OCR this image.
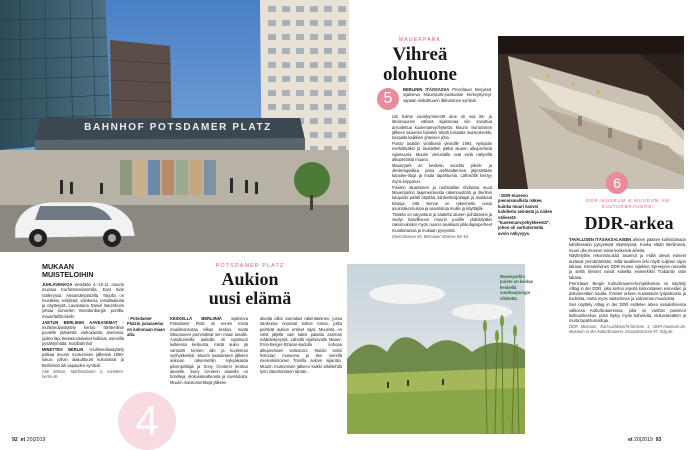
BAHNHOF POTSDAMER PLATZ
MAUERPARK
Vihreä
olohuone
5

BERLININ ITÄOSASSA Prenzlauer Bergissä sijaitseva Mauerpark-puistoalue kerkeyttyneyt vapaan elokulttuurin liikkuminen symboli.

Liki kolme vuosikymmentä alue oli osa itä- ja länsimuurien välissä sijaitsevaa niin sanottua ansoitettua kuolemanvyöhykettä. Muurin murtumisen jälkeen alueesta haluttiin tehdä toisaalta muistomerkki, toisaalta kaikkien yhteinen piha.

Puisto avattiin virallisesti yleisölle 1994. Nykyään merkitäväksi ja tiivistettiin pätkä alueen alkuperäistä rajamuuria. Muurin vierustalla ovat vielä näkyvillä alkuperäistä muuria.

Mauerpark on kesäisin suosittu piknik- ja oleskelupaikka, jossa amfiteatterissa järjestetään karaoke-iltoja ja muita tapahtumia. Lähistöllä kiertyy myös kirpputori.

Puiston aluamisten ja ruuhkatilan ehdoissa muut Mauerparkin laajenemisesta rakennustöitä ja Berlinin kaupunki päätti näyttää, kiinteistösijoittajat ja asukkaat kiistoja, että sinnne on rakennettu uusia asuinrakennuksia ja asuintaloja muille ja käyttäjille.

Tänään on varjostaus ja saatettu alueen puhdaseksi ja viedyt kasvillisuus muurin juurille yhdistäväksi rakennuksiksi myös nuoret asukkaat pikkulapsiperheet muuttamassa ja mukaan pysyvästi.

Gleimstrasse 55, Bernauer Strasse 63–64

6
↑ DDR-museon pienoismallista näkee, kuinka muuri kasvoi kahdesta seinästä ja niiden välisestä "kuolemanvyöhykkeestä", johon oli vartiotorneita avoin näkyvyys.
DDR-MUSEUM & MUSEUM AM KULTURBRAUEREI
DDR-arkea

TAVALLISEN ITÄSAKSALAISEN arkeen pääsee kurkistamaan kahdessakin pysyvässä näyttelyssä. Koska elään Berliinissä, muuri olla museon toisia keskeisiä aiheita.

Näyttelyttiin rekonstruoidut asunnot ja esillä olevat esineet auttavat ymmärtämään, miltä tavallinen arki näytti suljetun rajan takana. Interaktiivinen DDR-museo sijaitsee Spreejoen rannalla ja siellä ihmiset voivat kokeilla esimerkiksi Trabantin ratin takana.

Prenzlauer Bergin Kulturbrauerei-kompleksissa on näyttely Alltag in der DDR, joka kertoo arjesta kiinnostavien esineiden ja dokumenttien kautta. Ihmiset arkeen kuvastavat työpaikoista ja kodeista, mutta myös vastarinnan ja valvonnan muodoista.

Sen näyttely Alltag in der DDR esittelee arkea sosialistisessa valtiossa Kulturbrauereissa, joka on vanhan panimon kulttuurikeskus, josta löytyy myös kahviloita, elokuvateatteri ja muita tapahtumatiloja.

DDR Museum, Karl-Liebknecht-Strasse 1, DDR-museum.de, Museum in der Kulturbrauerei, Knaackstrasse 97, hdg.de

MUKAAN
MUISTELOIHIN

JUHLAVIIKKOA vietetään 4.–10.11. muurin muistoa Kurfürstendammilla, East Side Galleryssa, Alexanderplatzilla. Tarjolla on musiikkia, esityksiä, valokuvia, installaatioita ja näyttelyitä. Lauantaina Daniel Barenboim johtaa konsertin Brandenburgin portilla. mauerfall30.berlin

JAETUN BERLIININ AAVEASEMAT -multimedianäyttely kertoo Itä-Berliinin puolelle jääneistä vartioiduista asemista, joiden läpi länsiasuntolaiset kulkivat, asemilla pysähtymättä. Nordbahnhof

MINETTES BERLIN -multimedianäyttely palkaa muurin murtumisen jälkeisiä 1990-lukua, jolloin alakulttuurit kukoistivat ja Berliinistä tuli vapauden symboli.

Alte Münze, Mühlendamm 3, minettes-berlin.de

POTSDAMER PLATZ
Aukion
uusi elämä
↑ Potsdamer Platzin junaasema on kokonaan maan alla.
4

KESKELLÄ BERLIINIÄ sijaitseva Potsdamer Platz oli ennen toista maailmansotaa vilkas keskus, mutta liittoutuneet pommittivat sen maan tasalle. Autioituneella aukiolla oli rajamuuri kulkiessa keskusta, mistä aukio jäi vartiointi tornien alle ja kuoleman vyöhykkeeksi. Muurin kaatumisen jälkeen aukioon rakennettiin nykyaikaisia pilvenpiirtäjiä ja Sony Centerin keskus alueelle. Sony Centerin alueella on hotelleja, elokuvateattereita ja ravintoloita. Muurin muistomerkkejä jälkeen

aluetta alkoi voimakas rakentaminen, jossa taloksena nousivat kolme tornia, jotka peittivät aukion entiset rajat. Muurista on vielä jäljellä vain kaksi palasta aseman määränkyvystä. Lähellä sijaitsevalla Mauer-Erna-Berger-Strasse-kadulla kohoaa alkuperäinen vartiotorni. Muisto toimii historian museona ja tien vierellä mielenkiintoinen Tornilla aukion sijaintiin. Muurin murtumisen jälkeen kaikki arkkitehdit työn rakentaminen tämän...

Mauerparkin puisto on keidas keskellä suurkaupungin vilskettä.
92 et 20|2019	et 20|2019 93
